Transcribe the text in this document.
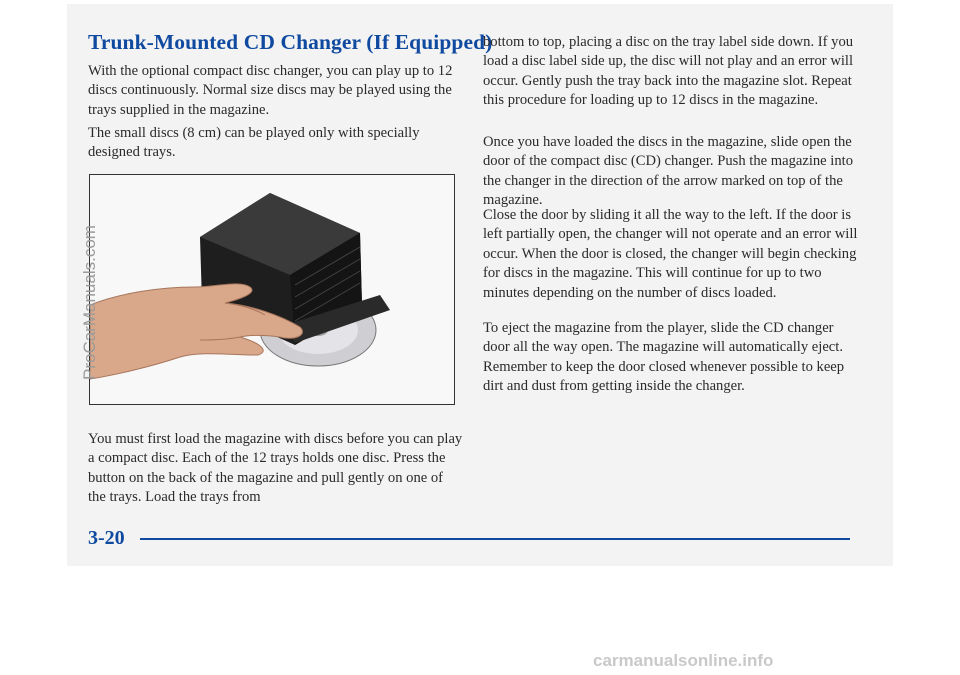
Trunk-Mounted CD Changer (If Equipped)

With the optional compact disc changer, you can play up to 12 discs continuously. Normal size discs may be played using the trays supplied in the magazine.

The small discs (8 cm) can be played only with specially designed trays.

ProCarManuals.com

You must first load the magazine with discs before you can play a compact disc. Each of the 12 trays holds one disc. Press the button on the back of the magazine and pull gently on one of the trays. Load the trays from

bottom to top, placing a disc on the tray label side down. If you load a disc label side up, the disc will not play and an error will occur. Gently push the tray back into the magazine slot. Repeat this procedure for loading up to 12 discs in the magazine.

Once you have loaded the discs in the magazine, slide open the door of the compact disc (CD) changer. Push the magazine into the changer in the direction of the arrow marked on top of the magazine.

Close the door by sliding it all the way to the left. If the door is left partially open, the changer will not operate and an error will occur. When the door is closed, the changer will begin checking for discs in the magazine. This will continue for up to two minutes depending on the number of discs loaded.

To eject the magazine from the player, slide the CD changer door all the way open. The magazine will automatically eject. Remember to keep the door closed whenever possible to keep dirt and dust from getting inside the changer.

3-20
carmanualsonline.info
